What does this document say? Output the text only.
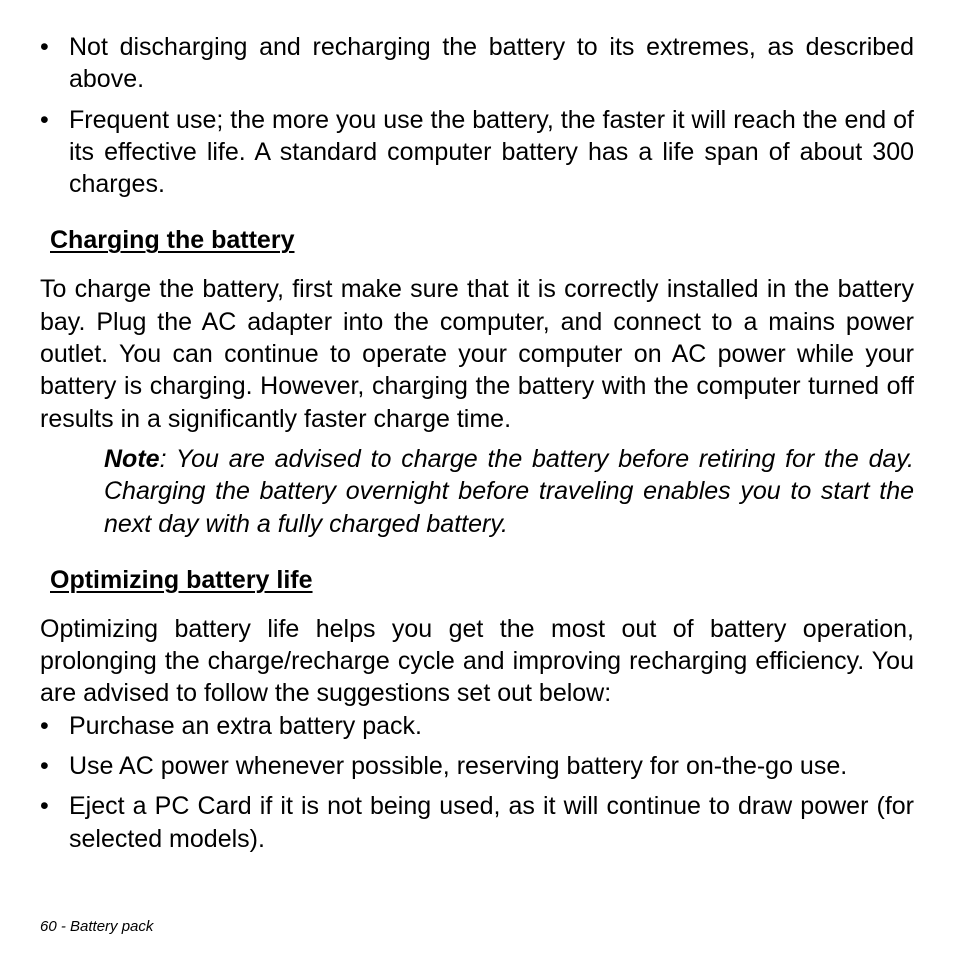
• Not discharging and recharging the battery to its extremes, as described above.
• Frequent use; the more you use the battery, the faster it will reach the end of its effective life. A standard computer battery has a life span of about 300 charges.
Charging the battery

To charge the battery, first make sure that it is correctly installed in the battery bay. Plug the AC adapter into the computer, and connect to a mains power outlet. You can continue to operate your computer on AC power while your battery is charging. However, charging the battery with the computer turned off results in a significantly faster charge time.

Note: You are advised to charge the battery before retiring for the day. Charging the battery overnight before traveling enables you to start the next day with a fully charged battery.

Optimizing battery life

Optimizing battery life helps you get the most out of battery operation, prolonging the charge/recharge cycle and improving recharging efficiency. You are advised to follow the suggestions set out below:

• Purchase an extra battery pack.
• Use AC power whenever possible, reserving battery for on-the-go use.
• Eject a PC Card if it is not being used, as it will continue to draw power (for selected models).
60 - Battery pack
